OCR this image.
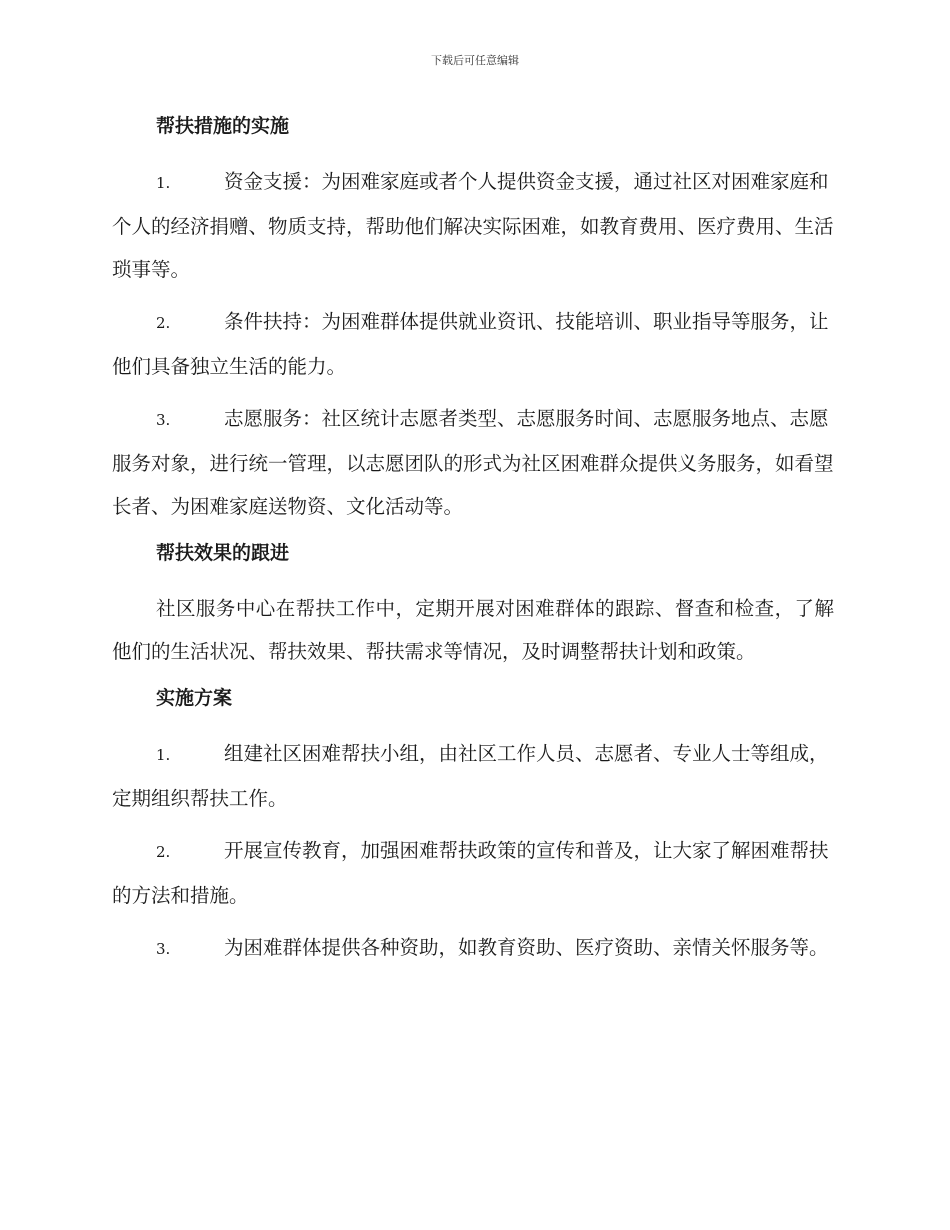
下载后可任意编辑
帮扶措施的实施
1.	资金支援：为困难家庭或者个人提供资金支援，通过社区对困难家庭和个人的经济捐赠、物质支持，帮助他们解决实际困难，如教育费用、医疗费用、生活琐事等。
2.	条件扶持：为困难群体提供就业资讯、技能培训、职业指导等服务，让他们具备独立生活的能力。
3.	志愿服务：社区统计志愿者类型、志愿服务时间、志愿服务地点、志愿服务对象，进行统一管理，以志愿团队的形式为社区困难群众提供义务服务，如看望长者、为困难家庭送物资、文化活动等。
帮扶效果的跟进
社区服务中心在帮扶工作中，定期开展对困难群体的跟踪、督查和检查，了解他们的生活状况、帮扶效果、帮扶需求等情况，及时调整帮扶计划和政策。
实施方案
1.	组建社区困难帮扶小组，由社区工作人员、志愿者、专业人士等组成，定期组织帮扶工作。
2.	开展宣传教育，加强困难帮扶政策的宣传和普及，让大家了解困难帮扶的方法和措施。
3.	为困难群体提供各种资助，如教育资助、医疗资助、亲情关怀服务等。
